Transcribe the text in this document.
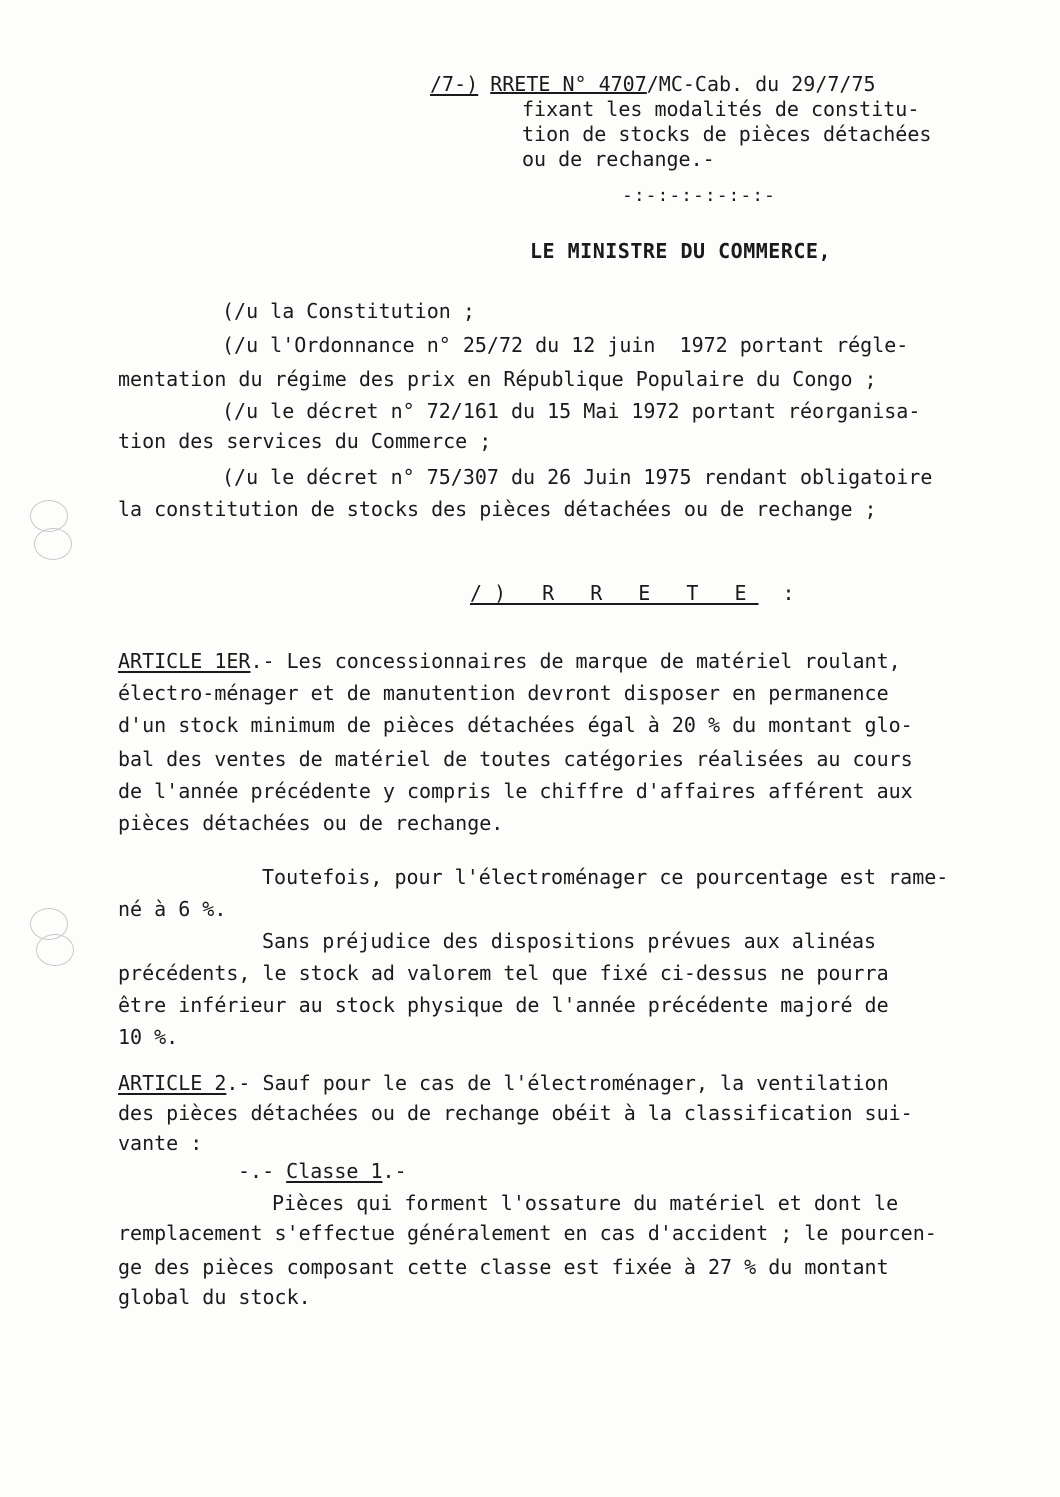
/7-) RRETE N° 4707/MC-Cab. du 29/7/75
fixant les modalités de constitu-
tion de stocks de pièces détachées
ou de rechange.-
-:-:-:-:-:-:-
LE MINISTRE DU COMMERCE,
(/u la Constitution ;
(/u l'Ordonnance n° 25/72 du 12 juin  1972 portant régle-
mentation du régime des prix en République Populaire du Congo ;
(/u le décret n° 72/161 du 15 Mai 1972 portant réorganisa-
tion des services du Commerce ;
(/u le décret n° 75/307 du 26 Juin 1975 rendant obligatoire
la constitution de stocks des pièces détachées ou de rechange ;
/) R R E T E :
ARTICLE 1ER.- Les concessionnaires de marque de matériel roulant,
électro-ménager et de manutention devront disposer en permanence
d'un stock minimum de pièces détachées égal à 20 % du montant glo-
bal des ventes de matériel de toutes catégories réalisées au cours
de l'année précédente y compris le chiffre d'affaires afférent aux
pièces détachées ou de rechange.
Toutefois, pour l'électroménager ce pourcentage est rame-
né à 6 %.
Sans préjudice des dispositions prévues aux alinéas
précédents, le stock ad valorem tel que fixé ci-dessus ne pourra
être inférieur au stock physique de l'année précédente majoré de
10 %.
ARTICLE 2.- Sauf pour le cas de l'électroménager, la ventilation
des pièces détachées ou de rechange obéit à la classification sui-
vante :
-.- Classe 1.-
Pièces qui forment l'ossature du matériel et dont le
remplacement s'effectue généralement en cas d'accident ; le pourcen-
ge des pièces composant cette classe est fixée à 27 % du montant
global du stock.
